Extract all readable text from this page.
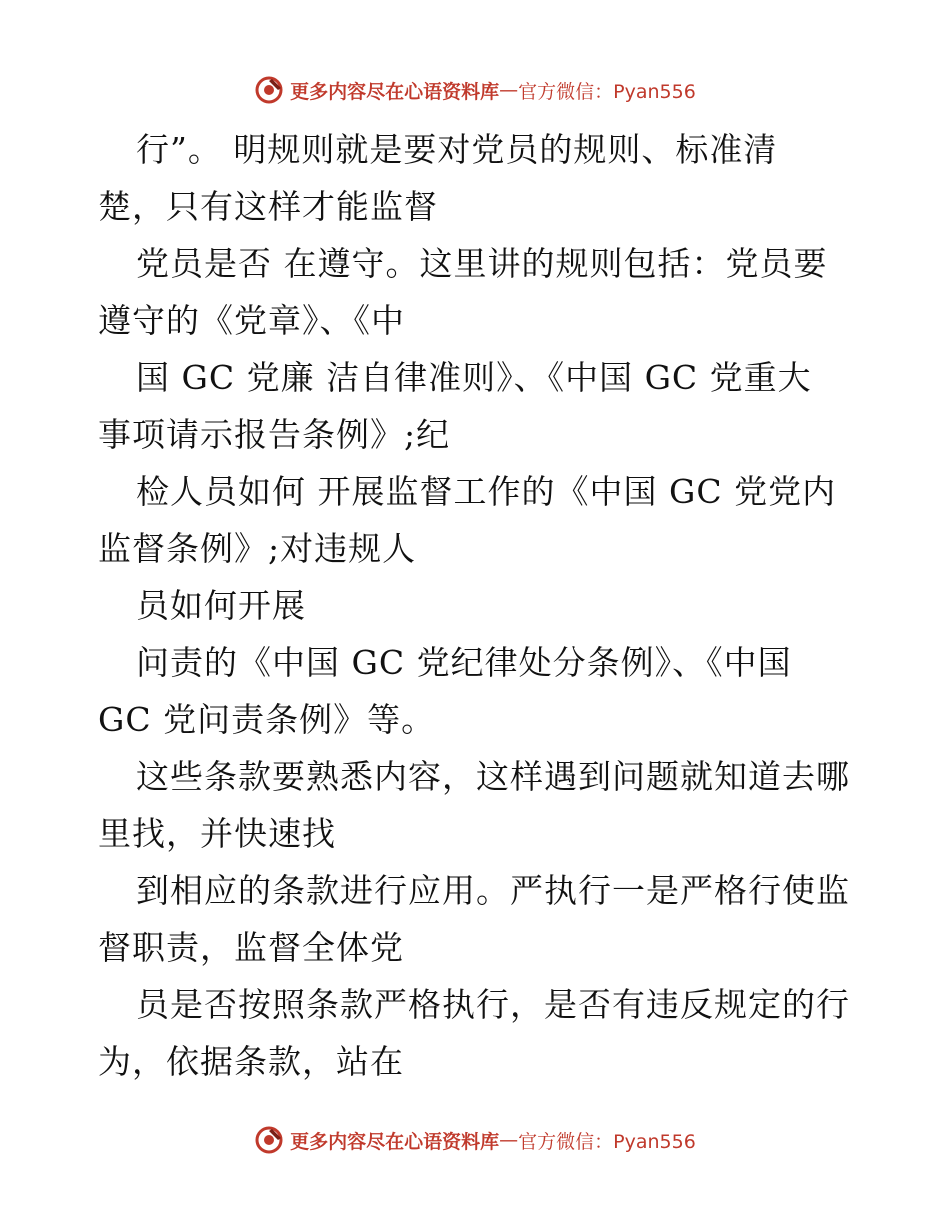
更多内容尽在心语资料库 — 官方微信：Pyan556
行”。 明规则就是要对党员的规则、标准清
楚，只有这样才能监督
党员是否 在遵守。这里讲的规则包括：党员要
遵守的《党章》、《中
国 GC 党廉 洁自律准则》、《中国 GC 党重大
事项请示报告条例》;纪
检人员如何 开展监督工作的《中国 GC 党党内
监督条例》;对违规人
员如何开展
问责的《中国 GC 党纪律处分条例》、《中国
GC 党问责条例》等。
这些条款要熟悉内容，这样遇到问题就知道去哪
里找，并快速找
到相应的条款进行应用。严执行一是严格行使监
督职责，监督全体党
员是否按照条款严格执行，是否有违反规定的行
为，依据条款，站在
更多内容尽在心语资料库 — 官方微信：Pyan556
